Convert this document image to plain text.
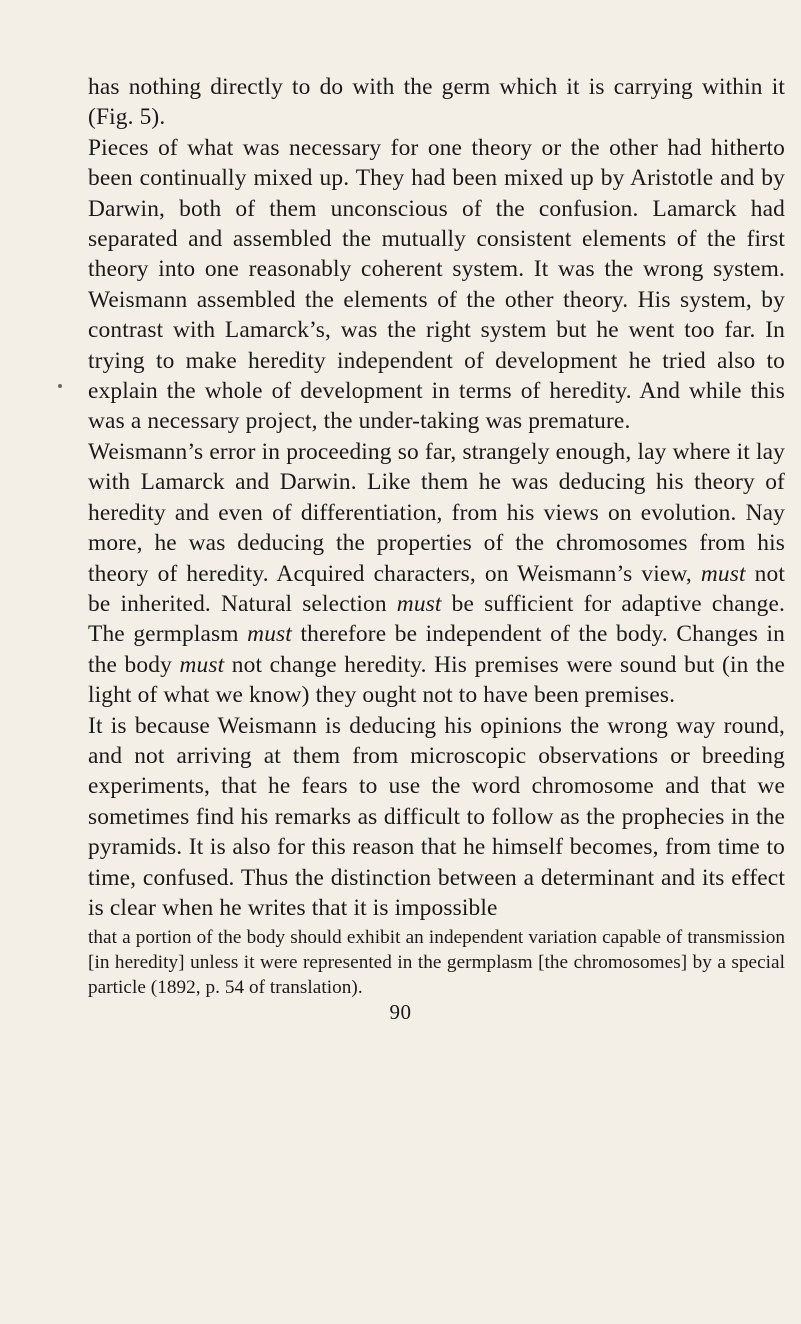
has nothing directly to do with the germ which it is carrying within it (Fig. 5).

Pieces of what was necessary for one theory or the other had hitherto been continually mixed up. They had been mixed up by Aristotle and by Darwin, both of them unconscious of the confusion. Lamarck had separated and assembled the mutually consistent elements of the first theory into one reasonably coherent system. It was the wrong system. Weismann assembled the elements of the other theory. His system, by contrast with Lamarck’s, was the right system but he went too far. In trying to make heredity independent of development he tried also to explain the whole of development in terms of heredity. And while this was a necessary project, the under-taking was premature.

Weismann’s error in proceeding so far, strangely enough, lay where it lay with Lamarck and Darwin. Like them he was deducing his theory of heredity and even of differentiation, from his views on evolution. Nay more, he was deducing the properties of the chromosomes from his theory of heredity. Acquired characters, on Weismann’s view, must not be inherited. Natural selection must be sufficient for adaptive change. The germplasm must therefore be independent of the body. Changes in the body must not change heredity. His premises were sound but (in the light of what we know) they ought not to have been premises.

It is because Weismann is deducing his opinions the wrong way round, and not arriving at them from microscopic observations or breeding experiments, that he fears to use the word chromosome and that we sometimes find his remarks as difficult to follow as the prophecies in the pyramids. It is also for this reason that he himself becomes, from time to time, confused. Thus the distinction between a determinant and its effect is clear when he writes that it is impossible

that a portion of the body should exhibit an independent variation capable of transmission [in heredity] unless it were represented in the germplasm [the chromosomes] by a special particle (1892, p. 54 of translation).

90
